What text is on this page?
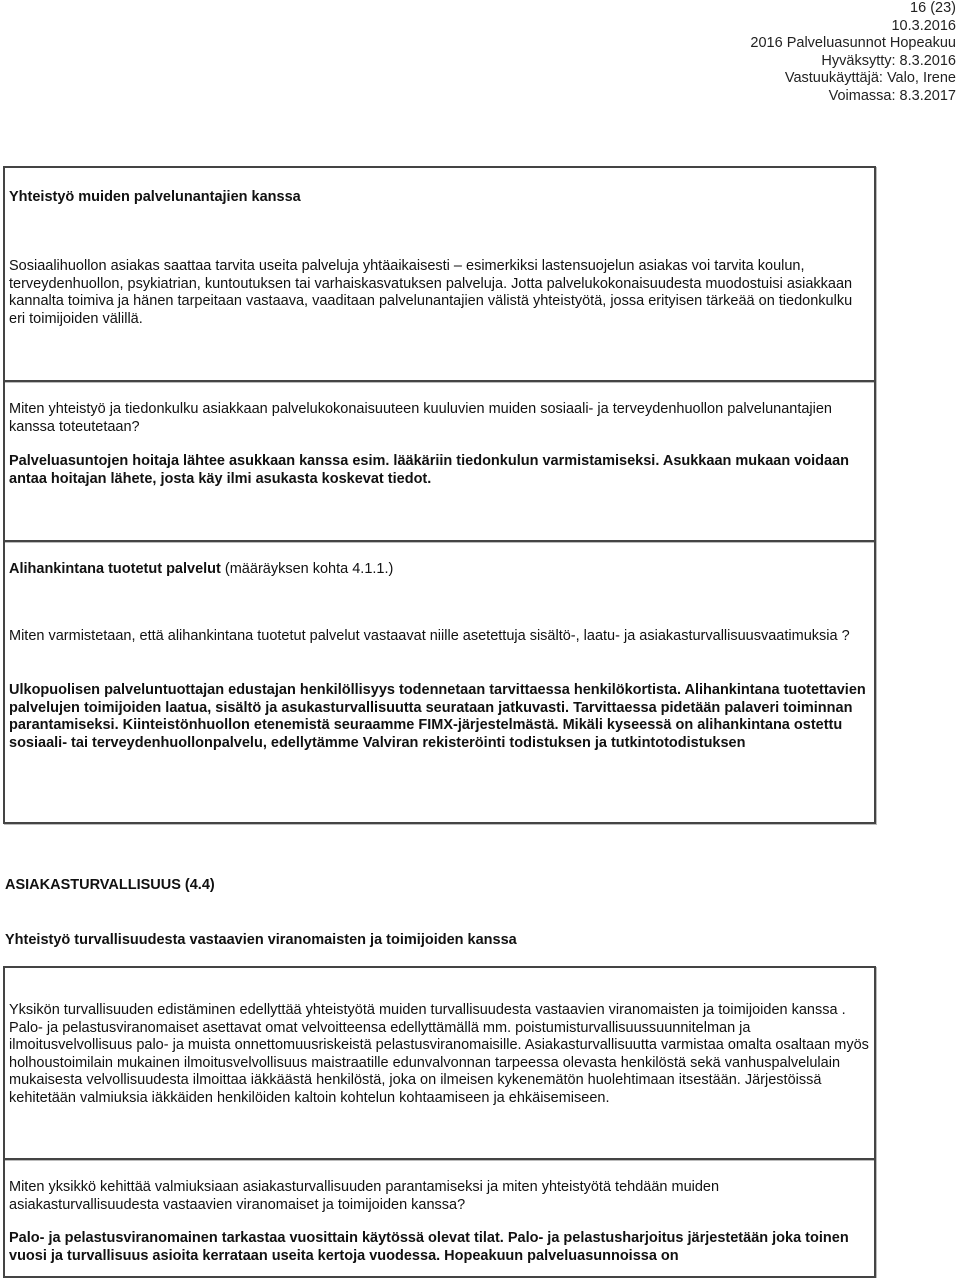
16 (23)
10.3.2016
2016 Palveluasunnot Hopeakuu
Hyväksytty: 8.3.2016
Vastuukäyttäjä: Valo, Irene
Voimassa: 8.3.2017

Yhteistyö muiden palvelunantajien kanssa

Sosiaalihuollon asiakas saattaa tarvita useita palveluja yhtäaikaisesti – esimerkiksi lastensuojelun asiakas voi tarvita koulun, terveydenhuollon, psykiatrian, kuntoutuksen tai varhaiskasvatuksen palveluja. Jotta palvelukokonaisuudesta muodostuisi asiakkaan kannalta toimiva ja hänen tarpeitaan vastaava, vaaditaan palvelunantajien välistä yhteistyötä, jossa erityisen tärkeää on tiedonkulku eri toimijoiden välillä.

Miten yhteistyö ja tiedonkulku asiakkaan palvelukokonaisuuteen kuuluvien muiden sosiaali- ja terveydenhuollon palvelunantajien kanssa toteutetaan?

Palveluasuntojen hoitaja lähtee asukkaan kanssa esim. lääkäriin tiedonkulun varmistamiseksi. Asukkaan mukaan voidaan antaa hoitajan lähete, josta käy ilmi asukasta koskevat tiedot.

Alihankintana tuotetut palvelut (määräyksen kohta 4.1.1.)

Miten varmistetaan, että alihankintana tuotetut palvelut vastaavat niille asetettuja sisältö-, laatu- ja asiakasturvallisuusvaatimuksia ?

Ulkopuolisen palveluntuottajan edustajan henkilöllisyys todennetaan tarvittaessa henkilökortista. Alihankintana tuotettavien palvelujen toimijoiden laatua, sisältö ja asukasturvallisuutta seurataan jatkuvasti. Tarvittaessa pidetään palaveri toiminnan parantamiseksi. Kiinteistönhuollon etenemistä seuraamme FIMX-järjestelmästä. Mikäli kyseessä on alihankintana ostettu sosiaali- tai terveydenhuollonpalvelu, edellytämme Valviran rekisteröinti todistuksen ja tutkintotodistuksen

ASIAKASTURVALLISUUS (4.4)

Yhteistyö turvallisuudesta vastaavien viranomaisten ja toimijoiden kanssa

Yksikön turvallisuuden edistäminen edellyttää yhteistyötä muiden turvallisuudesta vastaavien viranomaisten ja toimijoiden kanssa . Palo- ja pelastusviranomaiset asettavat omat velvoitteensa edellyttämällä mm. poistumisturvallisuussuunnitelman ja ilmoitusvelvollisuus palo- ja muista onnettomuusriskeistä pelastusviranomaisille. Asiakasturvallisuutta varmistaa omalta osaltaan myös holhoustoimilain mukainen ilmoitusvelvollisuus maistraatille edunvalvonnan tarpeessa olevasta henkilöstä sekä vanhuspalvelulain mukaisesta velvollisuudesta ilmoittaa iäkkäästä henkilöstä, joka on ilmeisen kykenemätön huolehtimaan itsestään. Järjestöissä kehitetään valmiuksia iäkkäiden henkilöiden kaltoin kohtelun kohtaamiseen ja ehkäisemiseen.

Miten yksikkö kehittää valmiuksiaan asiakasturvallisuuden parantamiseksi ja miten yhteistyötä tehdään muiden asiakasturvallisuudesta vastaavien viranomaiset ja toimijoiden kanssa?

Palo- ja pelastusviranomainen tarkastaa vuosittain käytössä olevat tilat. Palo- ja pelastusharjoitus järjestetään joka toinen vuosi ja turvallisuus asioita kerrataan useita kertoja vuodessa. Hopeakuun palveluasunnoissa on
